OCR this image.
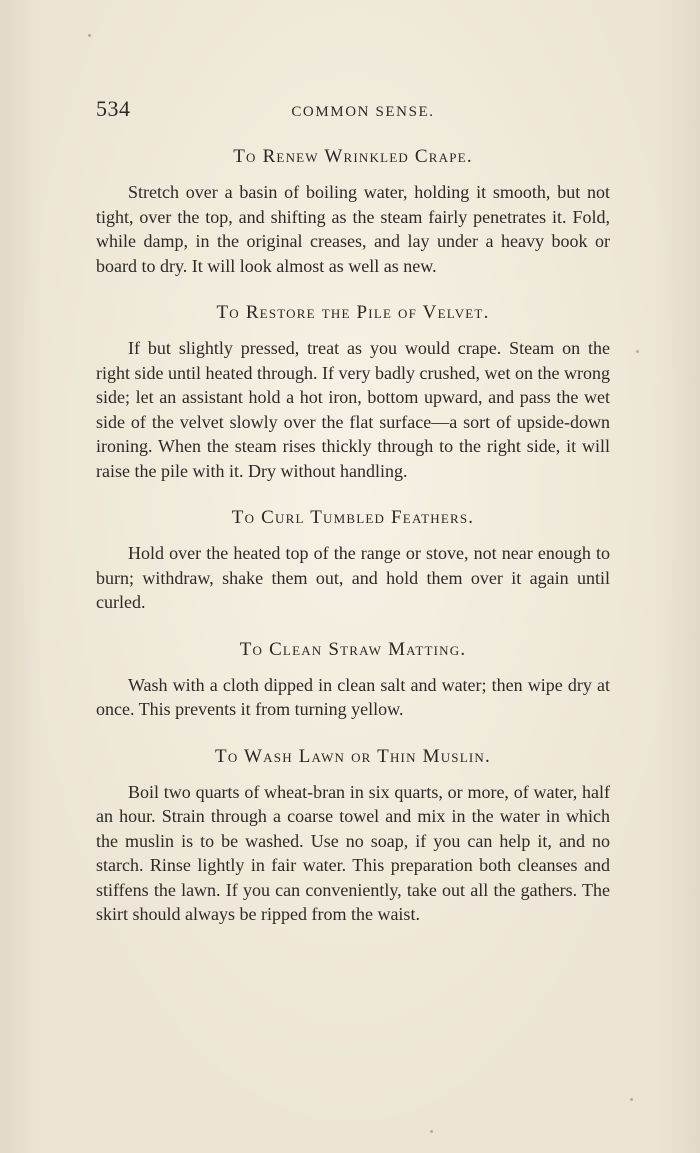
534	COMMON SENSE.
To Renew Wrinkled Crape.

Stretch over a basin of boiling water, holding it smooth, but not tight, over the top, and shifting as the steam fairly penetrates it. Fold, while damp, in the original creases, and lay under a heavy book or board to dry. It will look almost as well as new.

To Restore the Pile of Velvet.

If but slightly pressed, treat as you would crape. Steam on the right side until heated through. If very badly crushed, wet on the wrong side; let an assistant hold a hot iron, bottom upward, and pass the wet side of the velvet slowly over the flat surface—a sort of upside-down ironing. When the steam rises thickly through to the right side, it will raise the pile with it. Dry without handling.

To Curl Tumbled Feathers.

Hold over the heated top of the range or stove, not near enough to burn; withdraw, shake them out, and hold them over it again until curled.

To Clean Straw Matting.

Wash with a cloth dipped in clean salt and water; then wipe dry at once. This prevents it from turning yellow.

To Wash Lawn or Thin Muslin.

Boil two quarts of wheat-bran in six quarts, or more, of water, half an hour. Strain through a coarse towel and mix in the water in which the muslin is to be washed. Use no soap, if you can help it, and no starch. Rinse lightly in fair water. This preparation both cleanses and stiffens the lawn. If you can conveniently, take out all the gathers. The skirt should always be ripped from the waist.
